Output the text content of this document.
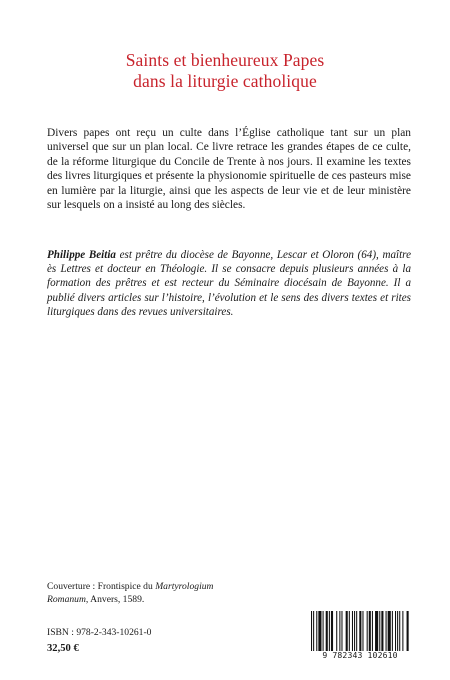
Saints et bienheureux Papes
dans la liturgie catholique
Divers papes ont reçu un culte dans l’Église catholique tant sur un plan universel que sur un plan local. Ce livre retrace les grandes étapes de ce culte, de la réforme liturgique du Concile de Trente à nos jours. Il examine les textes des livres liturgiques et présente la physionomie spirituelle de ces pasteurs mise en lumière par la liturgie, ainsi que les aspects de leur vie et de leur ministère sur lesquels on a insisté au long des siècles.
Philippe Beitia est prêtre du diocèse de Bayonne, Lescar et Oloron (64), maître ès Lettres et docteur en Théologie. Il se consacre depuis plusieurs années à la formation des prêtres et est recteur du Séminaire diocésain de Bayonne. Il a publié divers articles sur l’histoire, l’évolution et le sens des divers textes et rites liturgiques dans des revues universitaires.
Couverture : Frontispice du Martyrologium Romanum, Anvers, 1589.
ISBN : 978-2-343-10261-0
32,50 €
9 782343 102610
